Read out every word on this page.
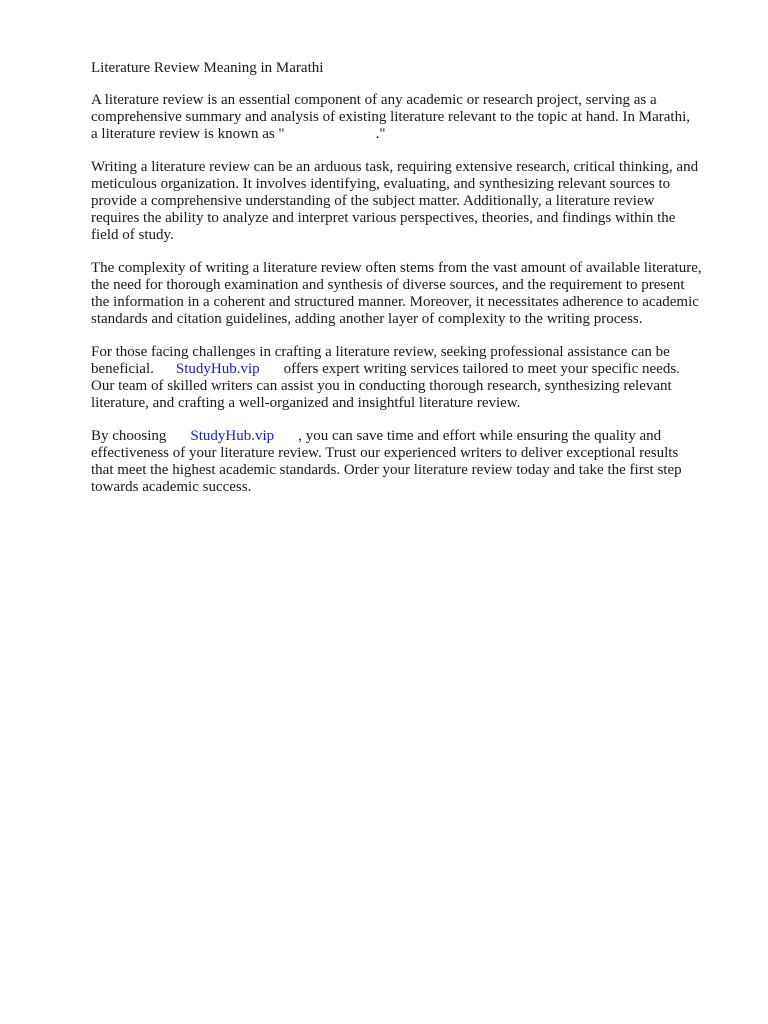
Literature Review Meaning in Marathi
A literature review is an essential component of any academic or research project, serving as a
comprehensive summary and analysis of existing literature relevant to the topic at hand. In Marathi,
a literature review is known as "	."
Writing a literature review can be an arduous task, requiring extensive research, critical thinking, and
meticulous organization. It involves identifying, evaluating, and synthesizing relevant sources to
provide a comprehensive understanding of the subject matter. Additionally, a literature review
requires the ability to analyze and interpret various perspectives, theories, and findings within the
field of study.
The complexity of writing a literature review often stems from the vast amount of available literature,
the need for thorough examination and synthesis of diverse sources, and the requirement to present
the information in a coherent and structured manner. Moreover, it necessitates adherence to academic
standards and citation guidelines, adding another layer of complexity to the writing process.
For those facing challenges in crafting a literature review, seeking professional assistance can be
beneficial. StudyHub.vip offers expert writing services tailored to meet your specific needs.
Our team of skilled writers can assist you in conducting thorough research, synthesizing relevant
literature, and crafting a well-organized and insightful literature review.
By choosing StudyHub.vip , you can save time and effort while ensuring the quality and
effectiveness of your literature review. Trust our experienced writers to deliver exceptional results
that meet the highest academic standards. Order your literature review today and take the first step
towards academic success.
